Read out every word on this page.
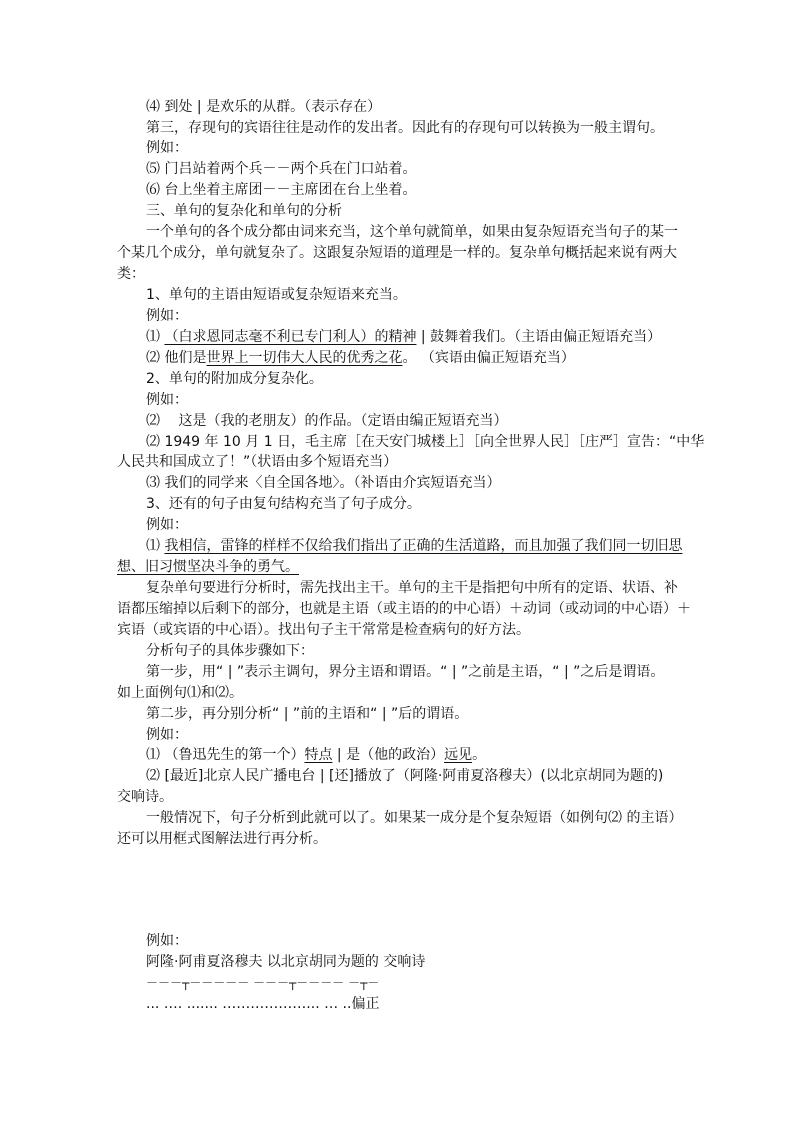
⑷ 到处 | 是欢乐的从群。（表示存在）
第三，存现句的宾语往往是动作的发出者。因此有的存现句可以转换为一般主谓句。
例如：
⑸ 门吕站着两个兵－－两个兵在门口站着。
⑹ 台上坐着主席团－－主席团在台上坐着。
三、单句的复杂化和单句的分析
一个单句的各个成分都由词来充当，这个单句就简单，如果由复杂短语充当句子的某一
个某几个成分，单句就复杂了。这跟复杂短语的道理是一样的。复杂单句概括起来说有两大
类：
1、单句的主语由短语或复杂短语来充当。
例如：
⑴ （白求恩同志毫不利已专门利人）的精神 | 鼓舞着我们。（主语由偏正短语充当）
⑵ 他们是世界上一切伟大人民的优秀之花。 （宾语由偏正短语充当）
2、单句的附加成分复杂化。
例如：
⑵　 这是（我的老朋友）的作品。（定语由编正短语充当）
⑵ 1949 年 10 月 1 日，毛主席［在天安门城楼上］［向全世界人民］［庄严］宣告：“中华
人民共和国成立了！”（状语由多个短语充当）
⑶ 我们的同学来〈自全国各地〉。（补语由介宾短语充当）
3、还有的句子由复句结构充当了句子成分。
例如：
⑴ 我相信，雷锋的样样不仅给我们指出了正确的生活道路，而且加强了我们同一切旧思
想、旧习惯坚决斗争的勇气。
复杂单句要进行分析时，需先找出主干。单句的主干是指把句中所有的定语、状语、补
语都压缩掉以后剩下的部分，也就是主语（或主语的的中心语）＋动词（或动词的中心语）＋
宾语（或宾语的中心语）。找出句子主干常常是检查病句的好方法。
分析句子的具体步骤如下：
第一步，用“ | ”表示主调句，界分主语和谓语。“ | ”之前是主语，“ | ”之后是谓语。
如上面例句⑴和⑵。
第二步，再分别分析“ | ”前的主语和“ | ”后的谓语。
例如：
⑴ （鲁迅先生的第一个）特点 | 是（他的政治）远见。
⑵ [最近]北京人民广播电台 | [还]播放了（阿隆·阿甫夏洛穆夫）(以北京胡同为题的)
交响诗。
一般情况下，句子分析到此就可以了。如果某一成分是个复杂短语（如例句⑵ 的主语）
还可以用框式图解法进行再分析。
例如：
阿隆·阿甫夏洛穆夫 以北京胡同为题的 交响诗
－－－┬－－－－－ －－－┬－－－－ －┬－
... …. ....... ………………... … ..偏正
